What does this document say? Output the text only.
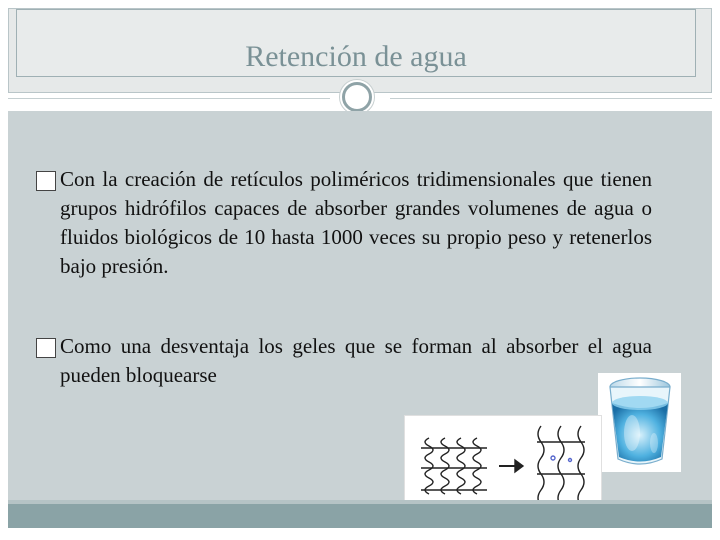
Retención de agua
Con la creación de retículos poliméricos tridimensionales que tienen grupos hidrófilos capaces de absorber grandes volumenes de agua o fluidos biológicos de 10 hasta 1000 veces su propio peso y retenerlos bajo presión.
Como una desventaja los geles que se forman al absorber el agua pueden bloquearse
